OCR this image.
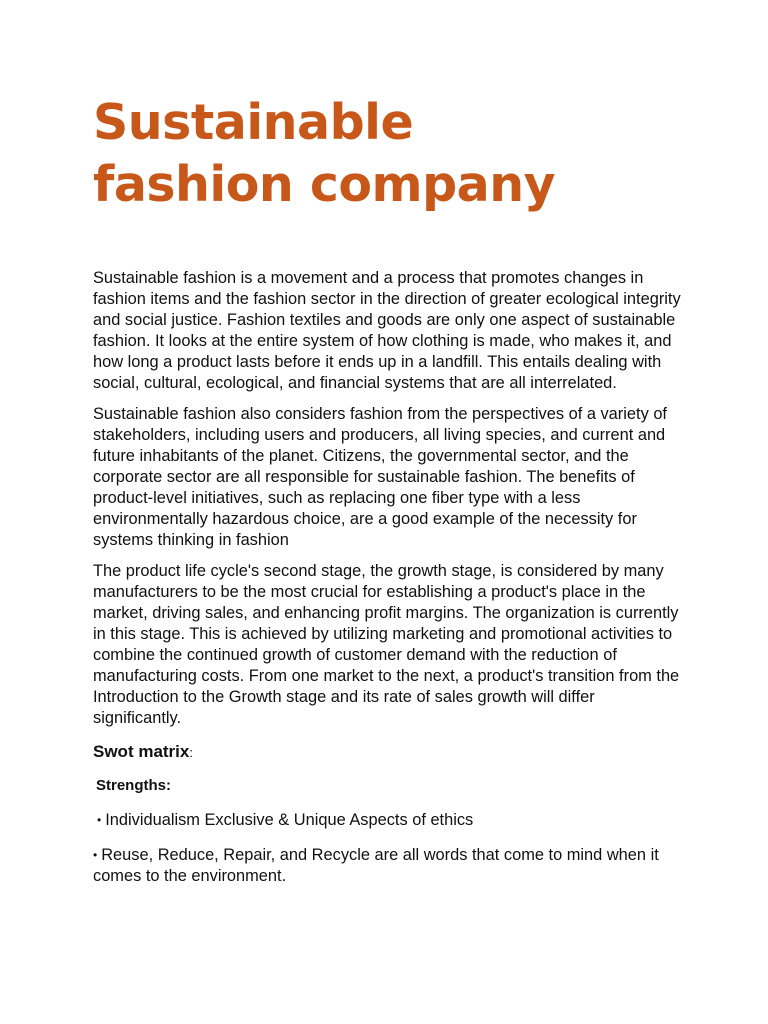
Sustainable
fashion company

Sustainable fashion is a movement and a process that promotes changes in fashion items and the fashion sector in the direction of greater ecological integrity and social justice. Fashion textiles and goods are only one aspect of sustainable fashion. It looks at the entire system of how clothing is made, who makes it, and how long a product lasts before it ends up in a landfill. This entails dealing with social, cultural, ecological, and financial systems that are all interrelated.

Sustainable fashion also considers fashion from the perspectives of a variety of stakeholders, including users and producers, all living species, and current and future inhabitants of the planet. Citizens, the governmental sector, and the corporate sector are all responsible for sustainable fashion. The benefits of product-level initiatives, such as replacing one fiber type with a less environmentally hazardous choice, are a good example of the necessity for systems thinking in fashion

The product life cycle's second stage, the growth stage, is considered by many manufacturers to be the most crucial for establishing a product's place in the market, driving sales, and enhancing profit margins. The organization is currently in this stage. This is achieved by utilizing marketing and promotional activities to combine the continued growth of customer demand with the reduction of manufacturing costs. From one market to the next, a product's transition from the Introduction to the Growth stage and its rate of sales growth will differ significantly.

Swot matrix:
Strengths:
• Individualism Exclusive & Unique Aspects of ethics
• Reuse, Reduce, Repair, and Recycle are all words that come to mind when it comes to the environment.
